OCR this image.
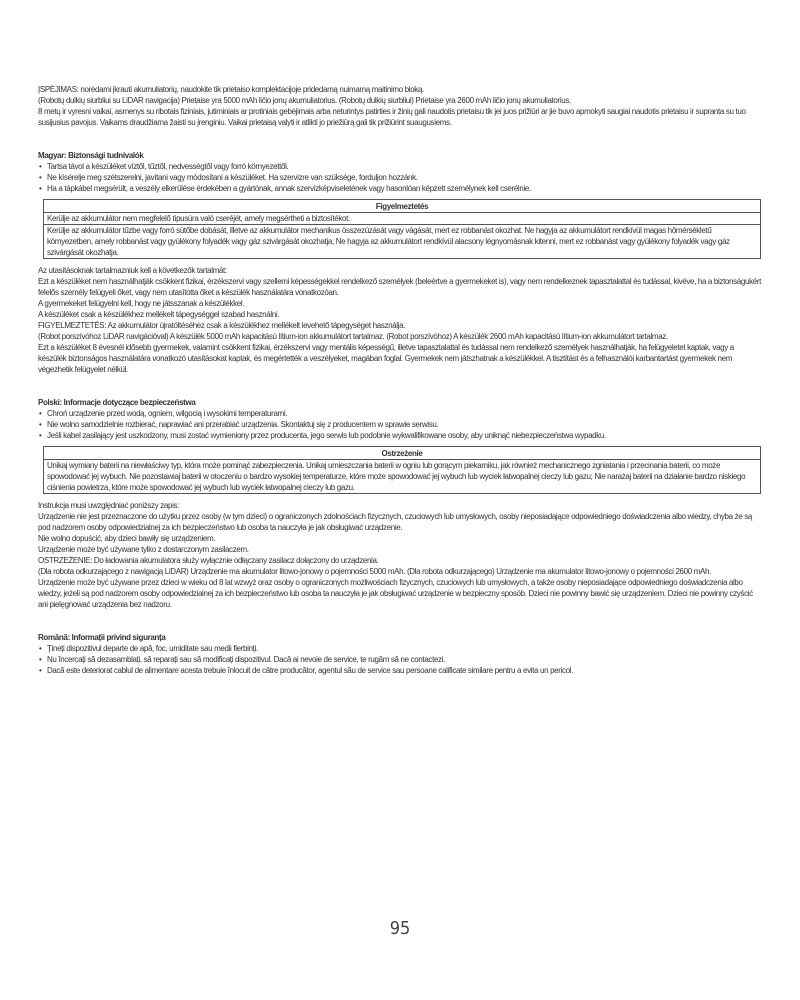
ĮSPĖJIMAS: norėdami įkrauti akumuliatorių, naudokite tik prietaiso komplektacijoje pridedamą nuimamą maitinimo bloką.

(Robotų dulkių siurbliui su LiDAR navigacija) Prietaise yra 5000 mAh ličio jonų akumuliatorius. (Robotų dulkių siurbliui) Prietaise yra 2600 mAh ličio jonų akumuliatorius.

8 metų ir vyresni vaikai, asmenys su ribotais fiziniais, jutiminiais ar protiniais gebėjimais arba neturintys patirties ir žinių gali naudotis prietaisu tik jei juos prižiūri ar jie buvo apmokyti saugiai naudotis prietaisu ir supranta su tuo susijusius pavojus. Vaikams draudžiama žaisti su įrenginiu. Vaikai prietaisą valyti ir atlikti jo priežiūrą gali tik prižiūrint suaugusiems.

Magyar: Biztonsági tudnivalók

• Tartsa távol a készüléket víztől, tűztől, nedvességtől vagy forró környezettől.
• Ne kísérelje meg szétszerelni, javítani vagy módosítani a készüléket. Ha szervizre van szüksége, forduljon hozzánk.
• Ha a tápkábel megsérült, a veszély elkerülése érdekében a gyártónak, annak szervizképviseletének vagy hasonlóan képzett személynek kell cserélnie.
Figyelmeztetés
Kerülje az akkumulátor nem megfelelő típusúra való cseréjét, amely megsértheti a biztosítékot.
Kerülje az akkumulátor tűzbe vagy forró sütőbe dobását, illetve az akkumulátor mechanikus összezúzását vagy vágását, mert ez robbanást okozhat. Ne hagyja az akkumulátort rendkívül magas hőmérsékletű környezetben, amely robbanást vagy gyúlékony folyadék vagy gáz szivárgását okozhatja; Ne hagyja az akkumulátort rendkívül alacsony légnyomásnak kitenni, mert ez robbanást vagy gyúlékony folyadék vagy gáz szivárgását okozhatja.

Az utasításoknak tartalmazniuk kell a következők tartalmát:

Ezt a készüléket nem használhatják csökkent fizikai, érzékszervi vagy szellemi képességekkel rendelkező személyek (beleértve a gyermekeket is), vagy nem rendelkeznek tapasztalattal és tudással, kivéve, ha a biztonságukért felelős személy felügyeli őket, vagy nem utasította őket a készülék használatára vonatkozóan.

A gyermekeket felügyelni kell, hogy ne játsszanak a készülékkel.

A készüléket csak a készülékhez mellékelt tápegységgel szabad használni.

FIGYELMEZTETÉS: Az akkumulátor újratöltéséhez csak a készülékhez mellékelt levehető tápegységet használja.

(Robot porszívóhoz LiDAR navigációval) A készülék 5000 mAh kapacitású lítium-ion akkumulátort tartalmaz. (Robot porszívóhoz) A készülék 2600 mAh kapacitású lítium-ion akkumulátort tartalmaz.

Ezt a készüléket 8 évesnél idősebb gyermekek, valamint csökkent fizikai, érzékszervi vagy mentális képességű, illetve tapasztalattal és tudással nem rendelkező személyek használhatják, ha felügyeletet kaptak, vagy a készülék biztonságos használatára vonatkozó utasításokat kaptak, és megértették a veszélyeket, magában foglal. Gyermekek nem játszhatnak a készülékkel. A tisztítást és a felhasználói karbantartást gyermekek nem végezhetik felügyelet nélkül.

Polski: Informacje dotyczące bezpieczeństwa

• Chroń urządzenie przed wodą, ogniem, wilgocią i wysokimi temperaturami.
• Nie wolno samodzielnie rozbierać, naprawiać ani przerabiać urządzenia. Skontaktuj się z producentem w sprawie serwisu.
• Jeśli kabel zasilający jest uszkodzony, musi zostać wymieniony przez producenta, jego serwis lub podobnie wykwalifikowane osoby, aby uniknąć niebezpieczeństwa wypadku.
Ostrzeżenie
Unikaj wymiany baterii na niewłaściwy typ, która może pominąć zabezpieczenia. Unikaj umieszczania baterii w ogniu lub gorącym piekarniku, jak również mechanicznego zgniatania i przecinania baterii, co może spowodować jej wybuch. Nie pozostawiaj baterii w otoczeniu o bardzo wysokiej temperaturze, które może spowodować jej wybuch lub wyciek łatwopalnej cieczy lub gazu; Nie narażaj baterii na działanie bardzo niskiego ciśnienia powietrza, które może spowodować jej wybuch lub wyciek łatwopalnej cieczy lub gazu.

Instrukcja musi uwzględniać poniższy zapis:

Urządzenie nie jest przeznaczone do użytku przez osoby (w tym dzieci) o ograniczonych zdolnościach fizycznych, czuciowych lub umysłowych, osoby nieposiadające odpowiedniego doświadczenia albo wiedzy, chyba że są pod nadzorem osoby odpowiedzialnej za ich bezpieczeństwo lub osoba ta nauczyła je jak obsługiwać urządzenie.

Nie wolno dopuścić, aby dzieci bawiły się urządzeniem.

Urządzenie może być używane tylko z dostarczonym zasilaczem.

OSTRZEŻENIE: Do ładowania akumulatora służy wyłącznie odłączany zasilacz dołączony do urządzenia.

(Dla robota odkurzającego z nawigacją LiDAR) Urządzenie ma akumulator litowo-jonowy o pojemności 5000 mAh. (Dla robota odkurzającego) Urządzenie ma akumulator litowo-jonowy o pojemności 2600 mAh.

Urządzenie może być używane przez dzieci w wieku od 8 lat wzwyż oraz osoby o ograniczonych możliwościach fizycznych, czuciowych lub umysłowych, a także osoby nieposiadające odpowiedniego doświadczenia albo wiedzy, jeżeli są pod nadzorem osoby odpowiedzialnej za ich bezpieczeństwo lub osoba ta nauczyła je jak obsługiwać urządzenie w bezpieczny sposób. Dzieci nie powinny bawić się urządzeniem. Dzieci nie powinny czyścić ani pielęgnować urządzenia bez nadzoru.

Română: Informații privind siguranța

• Țineți dispozitivul departe de apă, foc, umiditate sau medii fierbinți.
• Nu încercați să dezasamblați, să reparați sau să modificați dispozitivul. Dacă ai nevoie de service, te rugăm să ne contactezi.
• Dacă este deteriorat cablul de alimentare acesta trebuie înlocuit de către producător, agentul său de service sau persoane calificate similare pentru a evita un pericol.
95
